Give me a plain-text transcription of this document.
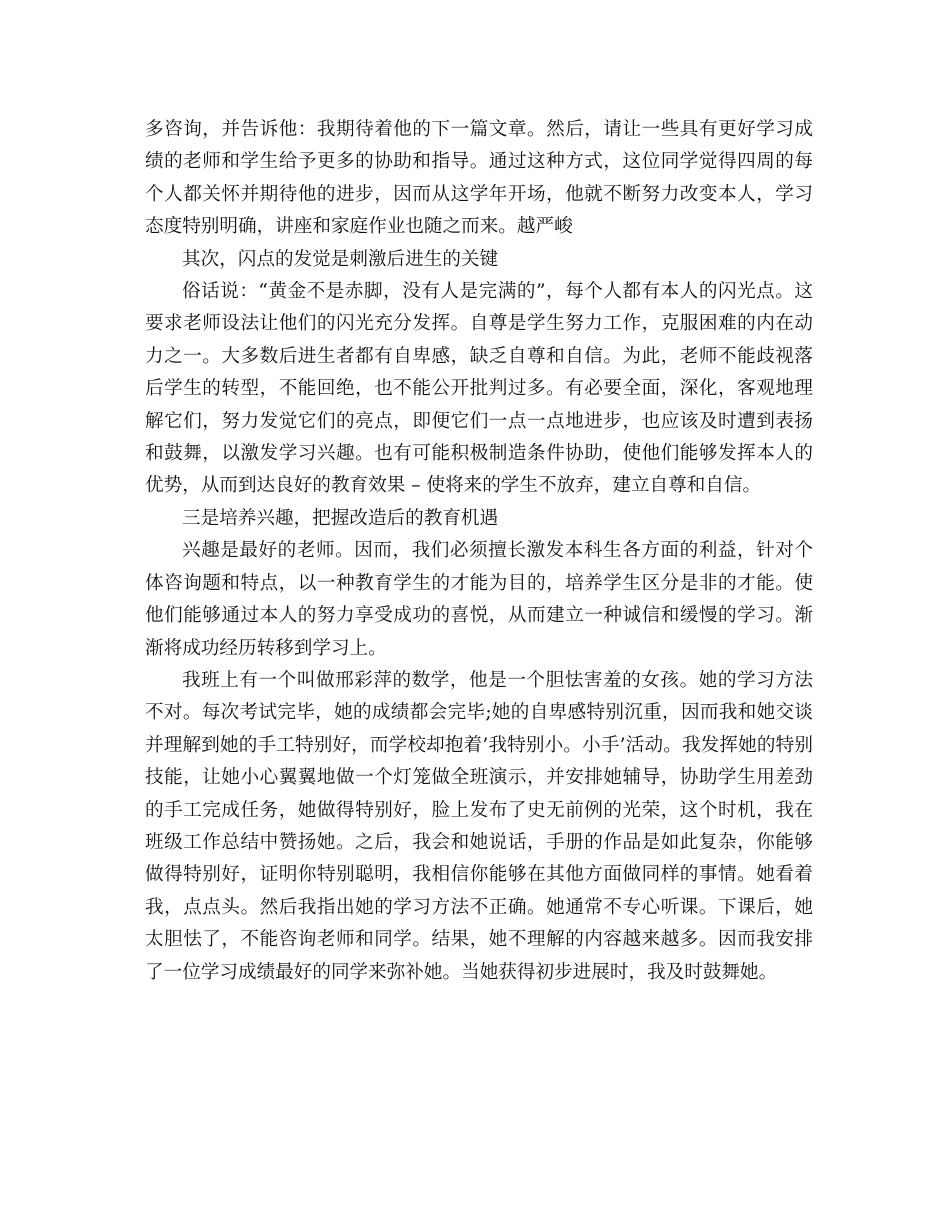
多咨询，并告诉他：我期待着他的下一篇文章。然后，请让一些具有更好学习成绩的老师和学生给予更多的协助和指导。通过这种方式，这位同学觉得四周的每个人都关怀并期待他的进步，因而从这学年开场，他就不断努力改变本人，学习态度特别明确，讲座和家庭作业也随之而来。越严峻

其次，闪点的发觉是刺激后进生的关键

俗话说：“黄金不是赤脚，没有人是完满的”，每个人都有本人的闪光点。这要求老师设法让他们的闪光充分发挥。自尊是学生努力工作，克服困难的内在动力之一。大多数后进生者都有自卑感，缺乏自尊和自信。为此，老师不能歧视落后学生的转型，不能回绝，也不能公开批判过多。有必要全面，深化，客观地理解它们，努力发觉它们的亮点，即便它们一点一点地进步，也应该及时遭到表扬和鼓舞，以激发学习兴趣。也有可能积极制造条件协助，使他们能够发挥本人的优势，从而到达良好的教育效果 – 使将来的学生不放弃，建立自尊和自信。

三是培养兴趣，把握改造后的教育机遇

兴趣是最好的老师。因而，我们必须擅长激发本科生各方面的利益，针对个体咨询题和特点，以一种教育学生的才能为目的，培养学生区分是非的才能。使他们能够通过本人的努力享受成功的喜悦，从而建立一种诚信和缓慢的学习。渐渐将成功经历转移到学习上。

我班上有一个叫做邢彩萍的数学，他是一个胆怯害羞的女孩。她的学习方法不对。每次考试完毕，她的成绩都会完毕;她的自卑感特别沉重，因而我和她交谈并理解到她的手工特别好，而学校却抱着’我特别小。小手’活动。我发挥她的特别技能，让她小心翼翼地做一个灯笼做全班演示，并安排她辅导，协助学生用差劲的手工完成任务，她做得特别好，脸上发布了史无前例的光荣，这个时机，我在班级工作总结中赞扬她。之后，我会和她说话，手册的作品是如此复杂，你能够做得特别好，证明你特别聪明，我相信你能够在其他方面做同样的事情。她看着我，点点头。然后我指出她的学习方法不正确。她通常不专心听课。下课后，她太胆怯了，不能咨询老师和同学。结果，她不理解的内容越来越多。因而我安排了一位学习成绩最好的同学来弥补她。当她获得初步进展时，我及时鼓舞她。
